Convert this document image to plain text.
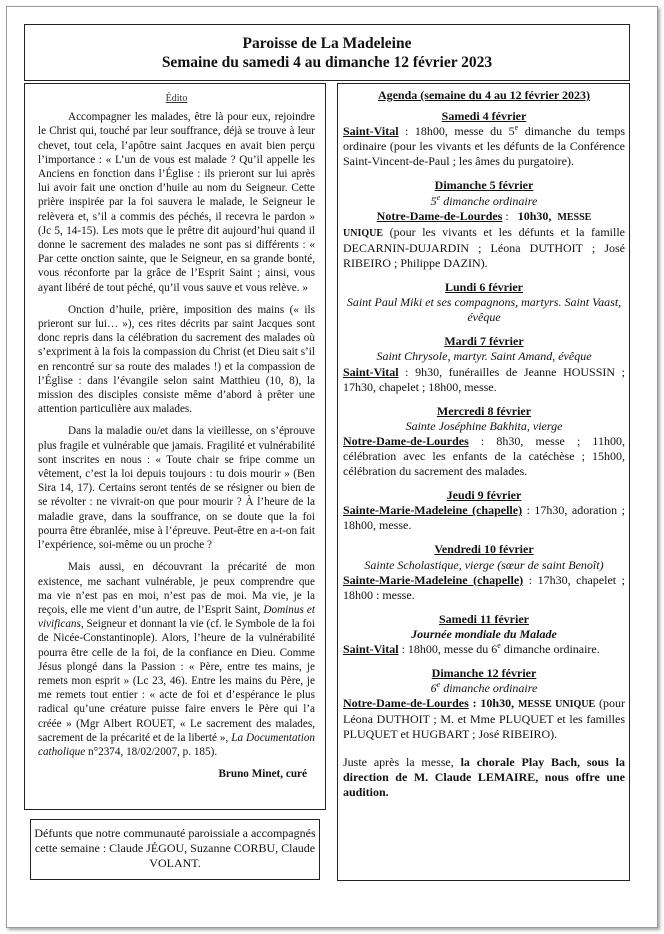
Paroisse de La Madeleine
Semaine du samedi 4 au dimanche 12 février 2023
Édito

Accompagner les malades, être là pour eux, rejoindre le Christ qui, touché par leur souffrance, déjà se trouve à leur chevet, tout cela, l’apôtre saint Jacques en avait bien perçu l’importance : « L’un de vous est malade ? Qu’il appelle les Anciens en fonction dans l’Église : ils prieront sur lui après lui avoir fait une onction d’huile au nom du Seigneur. Cette prière inspirée par la foi sauvera le malade, le Seigneur le relèvera et, s’il a commis des péchés, il recevra le pardon » (Jc 5, 14-15). Les mots que le prêtre dit aujourd’hui quand il donne le sacrement des malades ne sont pas si différents : « Par cette onction sainte, que le Seigneur, en sa grande bonté, vous réconforte par la grâce de l’Esprit Saint ; ainsi, vous ayant libéré de tout péché, qu’il vous sauve et vous relève. »

Onction d’huile, prière, imposition des mains (« ils prieront sur lui… »), ces rites décrits par saint Jacques sont donc repris dans la célébration du sacrement des malades où s’expriment à la fois la compassion du Christ (et Dieu sait s’il en rencontré sur sa route des malades !) et la compassion de l’Église : dans l’évangile selon saint Matthieu (10, 8), la mission des disciples consiste même d’abord à prêter une attention particulière aux malades.

Dans la maladie ou/et dans la vieillesse, on s’éprouve plus fragile et vulnérable que jamais. Fragilité et vulnérabilité sont inscrites en nous : « Toute chair se fripe comme un vêtement, c’est la loi depuis toujours : tu dois mourir » (Ben Sira 14, 17). Certains seront tentés de se résigner ou bien de se révolter : ne vivrait-on que pour mourir ? À l’heure de la maladie grave, dans la souffrance, on se doute que la foi pourra être ébranlée, mise à l’épreuve. Peut-être en a-t-on fait l’expérience, soi-même ou un proche ?

Mais aussi, en découvrant la précarité de mon existence, me sachant vulnérable, je peux comprendre que ma vie n’est pas en moi, n’est pas de moi. Ma vie, je la reçois, elle me vient d’un autre, de l’Esprit Saint, Dominus et vivificans, Seigneur et donnant la vie (cf. le Symbole de la foi de Nicée-Constantinople). Alors, l’heure de la vulnérabilité pourra être celle de la foi, de la confiance en Dieu. Comme Jésus plongé dans la Passion : « Père, entre tes mains, je remets mon esprit » (Lc 23, 46). Entre les mains du Père, je me remets tout entier : « acte de foi et d’espérance le plus radical qu’une créature puisse faire envers le Père qui l’a créée » (Mgr Albert ROUET, « Le sacrement des malades, sacrement de la précarité et de la liberté », La Documentation catholique n°2374, 18/02/2007, p. 185).

Bruno Minet, curé
Défunts que notre communauté paroissiale a accompagnés cette semaine : Claude JÉGOU, Suzanne CORBU, Claude VOLANT.
Agenda (semaine du 4 au 12 février 2023)
Samedi 4 février
Saint-Vital : 18h00, messe du 5e dimanche du temps ordinaire (pour les vivants et les défunts de la Conférence Saint-Vincent-de-Paul ; les âmes du purgatoire).
Dimanche 5 février
5e dimanche ordinaire
Notre-Dame-de-Lourdes :   10h30, MESSE
UNIQUE (pour les vivants et les défunts et la famille DECARNIN-DUJARDIN ; Léona DUTHOIT ; José RIBEIRO ; Philippe DAZIN).
Lundi 6 février
Saint Paul Miki et ses compagnons, martyrs. Saint Vaast, évêque
Mardi 7 février
Saint Chrysole, martyr. Saint Amand, évêque
Saint-Vital : 9h30, funérailles de Jeanne HOUSSIN ; 17h30, chapelet ; 18h00, messe.
Mercredi 8 février
Sainte Joséphine Bakhita, vierge
Notre-Dame-de-Lourdes : 8h30, messe ; 11h00, célébration avec les enfants de la catéchèse ; 15h00, célébration du sacrement des malades.
Jeudi 9 février
Sainte-Marie-Madeleine (chapelle) : 17h30, adoration ; 18h00, messe.
Vendredi 10 février
Sainte Scholastique, vierge (sœur de saint Benoît)
Sainte-Marie-Madeleine (chapelle) : 17h30, chapelet ; 18h00 : messe.
Samedi 11 février
Journée mondiale du Malade
Saint-Vital : 18h00, messe du 6e dimanche ordinaire.
Dimanche 12 février
6e dimanche ordinaire
Notre-Dame-de-Lourdes : 10h30, MESSE UNIQUE (pour Léona DUTHOIT ; M. et Mme PLUQUET et les familles PLUQUET et HUGBART ; José RIBEIRO).
Juste après la messe, la chorale Play Bach, sous la direction de M. Claude LEMAIRE, nous offre une audition.
